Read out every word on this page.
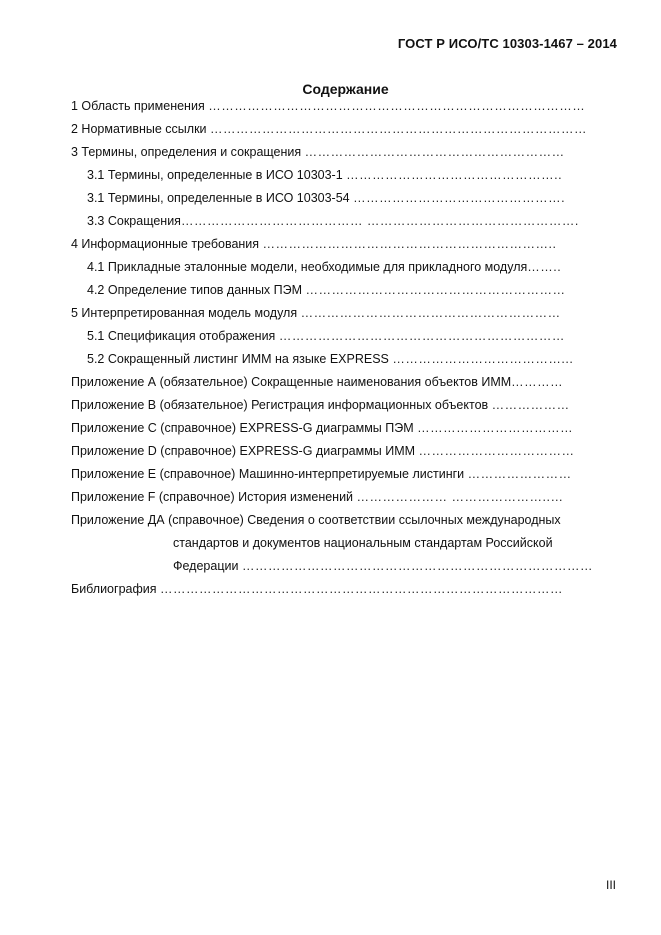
ГОСТ Р ИСО/ТС 10303-1467 – 2014
Содержание
1 Область применения ……………………………………………………………………………
2 Нормативные ссылки ……………………………………………………………………………
3 Термины, определения и сокращения ……………………………………………………
3.1 Термины, определенные в ИСО 10303-1 …………………………………………..
3.1 Термины, определенные в ИСО 10303-54 ………………………………………….
3.3 Сокращения…………………………………… ………………………………………….
4 Информационные требования …………………………………………………………..
4.1 Прикладные эталонные модели, необходимые для прикладного модуля……..
4.2 Определение типов данных ПЭМ ……………………………………………………
5 Интерпретированная модель модуля ……………………………………………………
5.1 Спецификация отображения …………………………………………………………
5.2 Сокращенный листинг ИММ на языке EXPRESS …………………………………...
Приложение А (обязательное) Сокращенные наименования объектов ИММ…………
Приложение В (обязательное) Регистрация информационных объектов ………………
Приложение С (справочное) EXPRESS-G диаграммы ПЭМ ………………………………
Приложение D (справочное) EXPRESS-G диаграммы ИММ ………………………………
Приложение E (справочное) Машинно-интерпретируемые листинги ……………………
Приложение F (справочное) История изменений ………………… …………………..…
Приложение ДА (справочное) Сведения о соответствии ссылочных международных
стандартов и документов национальным стандартам Российской
Федерации ………………………………………………………………………
Библиография …………………………………………………………………………………
III
